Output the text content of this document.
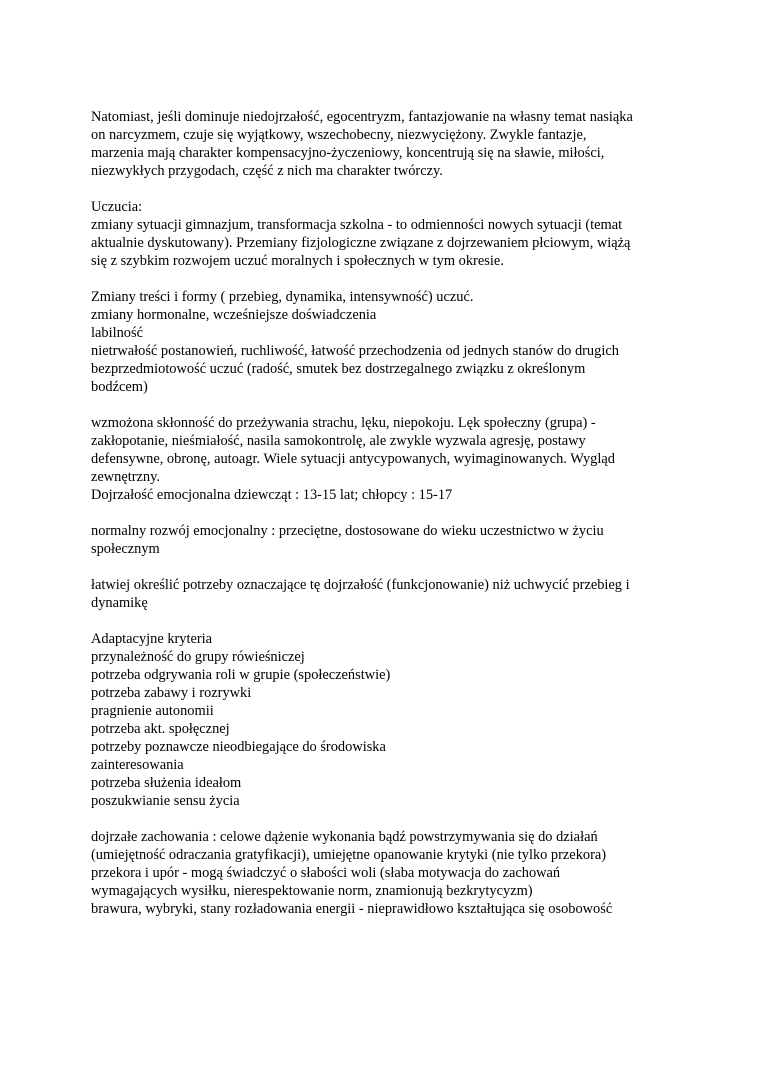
Natomiast, jeśli dominuje niedojrzałość, egocentryzm, fantazjowanie na własny temat nasiąka
on narcyzmem, czuje się wyjątkowy, wszechobecny, niezwyciężony. Zwykle fantazje,
marzenia mają charakter kompensacyjno-życzeniowy, koncentrują się na sławie, miłości,
niezwykłych przygodach, część z nich ma charakter twórczy.
Uczucia:
zmiany sytuacji gimnazjum, transformacja szkolna - to odmienności nowych sytuacji (temat
aktualnie dyskutowany). Przemiany fizjologiczne związane z dojrzewaniem płciowym, wiążą
się z szybkim rozwojem uczuć moralnych i społecznych w tym okresie.
Zmiany treści i formy ( przebieg, dynamika, intensywność) uczuć.
zmiany hormonalne, wcześniejsze doświadczenia
labilność
nietrwałość postanowień, ruchliwość, łatwość przechodzenia od jednych stanów do drugich
bezprzedmiotowość uczuć (radość, smutek bez dostrzegalnego związku z określonym
bodźcem)
wzmożona skłonność do przeżywania strachu, lęku, niepokoju. Lęk społeczny (grupa) -
zakłopotanie, nieśmiałość, nasila samokontrolę, ale zwykle wyzwala agresję, postawy
defensywne, obronę, autoagr. Wiele sytuacji antycypowanych, wyimaginowanych. Wygląd
zewnętrzny.
Dojrzałość emocjonalna dziewcząt : 13-15 lat; chłopcy : 15-17
normalny rozwój emocjonalny : przeciętne, dostosowane do wieku uczestnictwo w życiu
społecznym
łatwiej określić potrzeby oznaczające tę dojrzałość (funkcjonowanie) niż uchwycić przebieg i
dynamikę
Adaptacyjne kryteria
przynależność do grupy rówieśniczej
potrzeba odgrywania roli w grupie (społeczeństwie)
potrzeba zabawy i rozrywki
pragnienie autonomii
potrzeba akt. społęcznej
potrzeby poznawcze nieodbiegające do środowiska
zainteresowania
potrzeba służenia ideałom
poszukwianie sensu życia
dojrzałe zachowania : celowe dążenie wykonania bądź powstrzymywania się do działań
(umiejętność odraczania gratyfikacji), umiejętne opanowanie krytyki (nie tylko przekora)
przekora i upór - mogą świadczyć o słabości woli (słaba motywacja do zachowań
wymagających wysiłku, nierespektowanie norm, znamionują bezkrytycyzm)
brawura, wybryki, stany rozładowania energii - nieprawidłowo kształtująca się osobowość
